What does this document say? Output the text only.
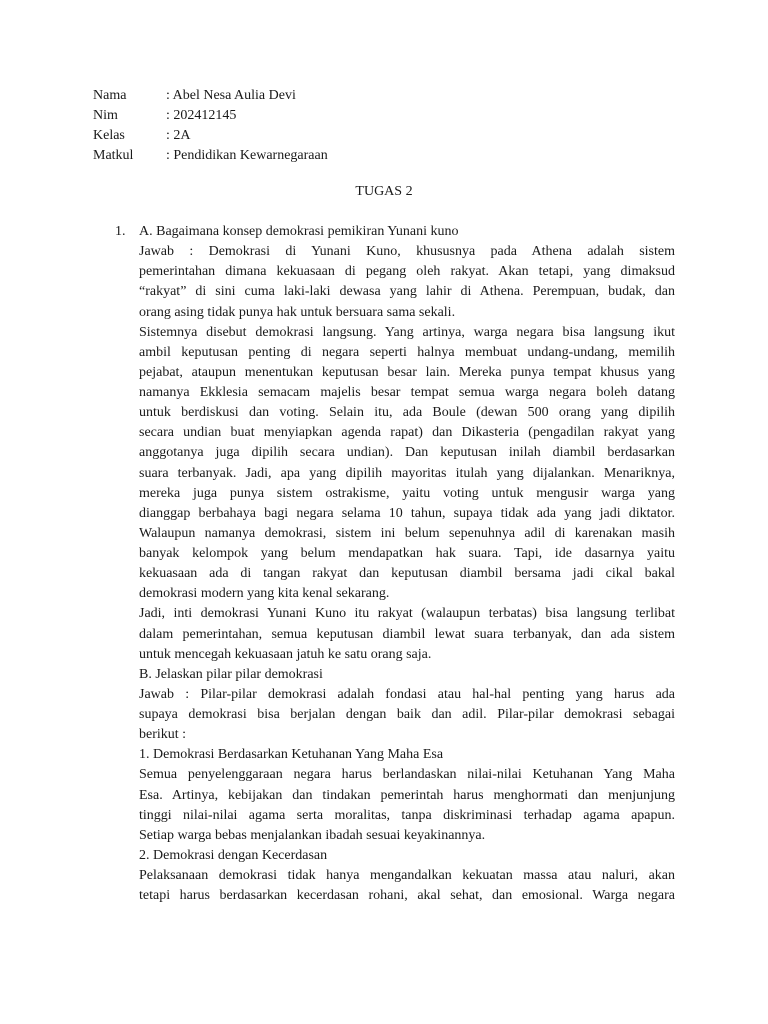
Nama	: Abel Nesa Aulia Devi
Nim	: 202412145
Kelas	: 2A
Matkul	: Pendidikan Kewarnegaraan
TUGAS 2
1. A. Bagaimana konsep demokrasi pemikiran Yunani kuno
Jawab : Demokrasi di Yunani Kuno, khususnya pada Athena adalah sistem
pemerintahan dimana kekuasaan di pegang oleh rakyat. Akan tetapi, yang dimaksud
“rakyat” di sini cuma laki-laki dewasa yang lahir di Athena. Perempuan, budak, dan
orang asing tidak punya hak untuk bersuara sama sekali.
Sistemnya disebut demokrasi langsung. Yang artinya, warga negara bisa langsung ikut
ambil keputusan penting di negara seperti halnya membuat undang-undang, memilih
pejabat, ataupun menentukan keputusan besar lain. Mereka punya tempat khusus yang
namanya Ekklesia semacam majelis besar tempat semua warga negara boleh datang
untuk berdiskusi dan voting. Selain itu, ada Boule (dewan 500 orang yang dipilih
secara undian buat menyiapkan agenda rapat) dan Dikasteria (pengadilan rakyat yang
anggotanya juga dipilih secara undian). Dan keputusan inilah diambil berdasarkan
suara terbanyak. Jadi, apa yang dipilih mayoritas itulah yang dijalankan. Menariknya,
mereka juga punya sistem ostrakisme, yaitu voting untuk mengusir warga yang
dianggap berbahaya bagi negara selama 10 tahun, supaya tidak ada yang jadi diktator.
Walaupun namanya demokrasi, sistem ini belum sepenuhnya adil di karenakan masih
banyak kelompok yang belum mendapatkan hak suara. Tapi, ide dasarnya yaitu
kekuasaan ada di tangan rakyat dan keputusan diambil bersama jadi cikal bakal
demokrasi modern yang kita kenal sekarang.
Jadi, inti demokrasi Yunani Kuno itu rakyat (walaupun terbatas) bisa langsung terlibat
dalam pemerintahan, semua keputusan diambil lewat suara terbanyak, dan ada sistem
untuk mencegah kekuasaan jatuh ke satu orang saja.
B. Jelaskan pilar pilar demokrasi
Jawab : Pilar-pilar demokrasi adalah fondasi atau hal-hal penting yang harus ada
supaya demokrasi bisa berjalan dengan baik dan adil. Pilar-pilar demokrasi sebagai
berikut :
1. Demokrasi Berdasarkan Ketuhanan Yang Maha Esa
Semua penyelenggaraan negara harus berlandaskan nilai-nilai Ketuhanan Yang Maha
Esa. Artinya, kebijakan dan tindakan pemerintah harus menghormati dan menjunjung
tinggi nilai-nilai agama serta moralitas, tanpa diskriminasi terhadap agama apapun.
Setiap warga bebas menjalankan ibadah sesuai keyakinannya.
2. Demokrasi dengan Kecerdasan
Pelaksanaan demokrasi tidak hanya mengandalkan kekuatan massa atau naluri, akan
tetapi harus berdasarkan kecerdasan rohani, akal sehat, dan emosional. Warga negara
